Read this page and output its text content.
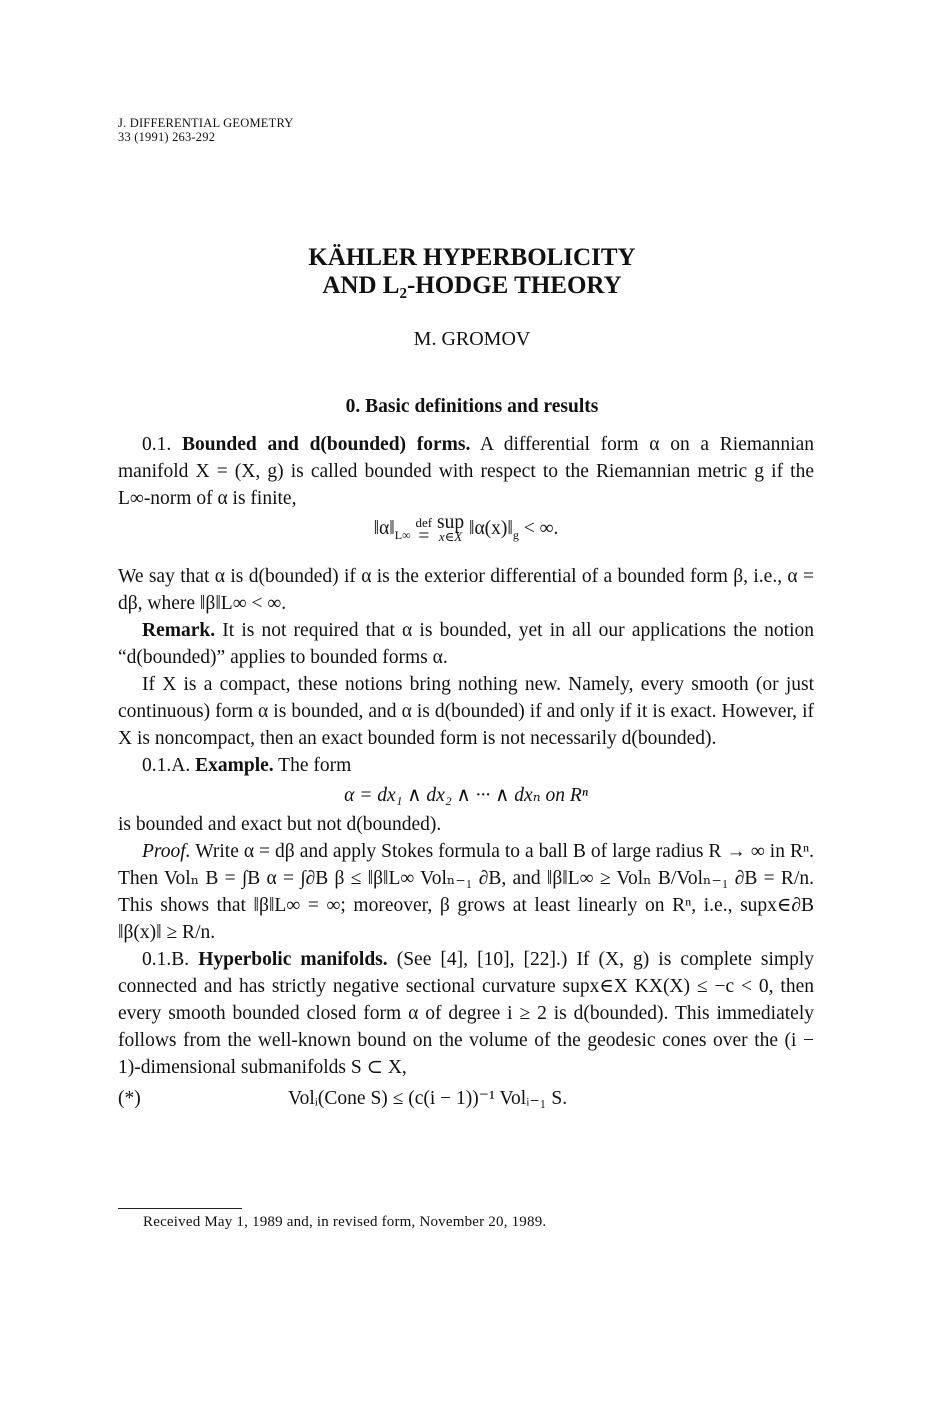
J. DIFFERENTIAL GEOMETRY
33 (1991) 263-292
KÄHLER HYPERBOLICITY
AND L₂-HODGE THEORY
M. GROMOV
0. Basic definitions and results

0.1. Bounded and d(bounded) forms. A differential form α on a Riemannian manifold X = (X, g) is called bounded with respect to the Riemannian metric g if the L∞-norm of α is finite,

$‖\alpha‖_{L\infty}$
def
= sup
x∈X $‖\alpha(x)‖_g$ < ∞.

We say that α is d(bounded) if α is the exterior differential of a bounded form β, i.e., α = dβ, where ‖β‖L∞ < ∞.

Remark. It is not required that α is bounded, yet in all our applications the notion “d(bounded)” applies to bounded forms α.

If X is a compact, these notions bring nothing new. Namely, every smooth (or just continuous) form α is bounded, and α is d(bounded) if and only if it is exact. However, if X is noncompact, then an exact bounded form is not necessarily d(bounded).

0.1.A. Example. The form

α = dx₁ ∧ dx₂ ∧ ··· ∧ dxₙ on Rⁿ

is bounded and exact but not d(bounded).

Proof. Write α = dβ and apply Stokes formula to a ball B of large radius R → ∞ in Rⁿ. Then Volₙ B = ∫B α = ∫∂B β ≤ ‖β‖L∞ Volₙ₋₁ ∂B, and ‖β‖L∞ ≥ Volₙ B/Volₙ₋₁ ∂B = R/n. This shows that ‖β‖L∞ = ∞; moreover, β grows at least linearly on Rⁿ, i.e., supx∈∂B ‖β(x)‖ ≥ R/n.

0.1.B. Hyperbolic manifolds. (See [4], [10], [22].) If (X, g) is complete simply connected and has strictly negative sectional curvature supx∈X KX(X) ≤ −c < 0, then every smooth bounded closed form α of degree i ≥ 2 is d(bounded). This immediately follows from the well-known bound on the volume of the geodesic cones over the (i − 1)-dimensional submanifolds S ⊂ X,

(*)	Volᵢ(Cone S) ≤ (c(i − 1))⁻¹ Volᵢ₋₁ S.
Received May 1, 1989 and, in revised form, November 20, 1989.
